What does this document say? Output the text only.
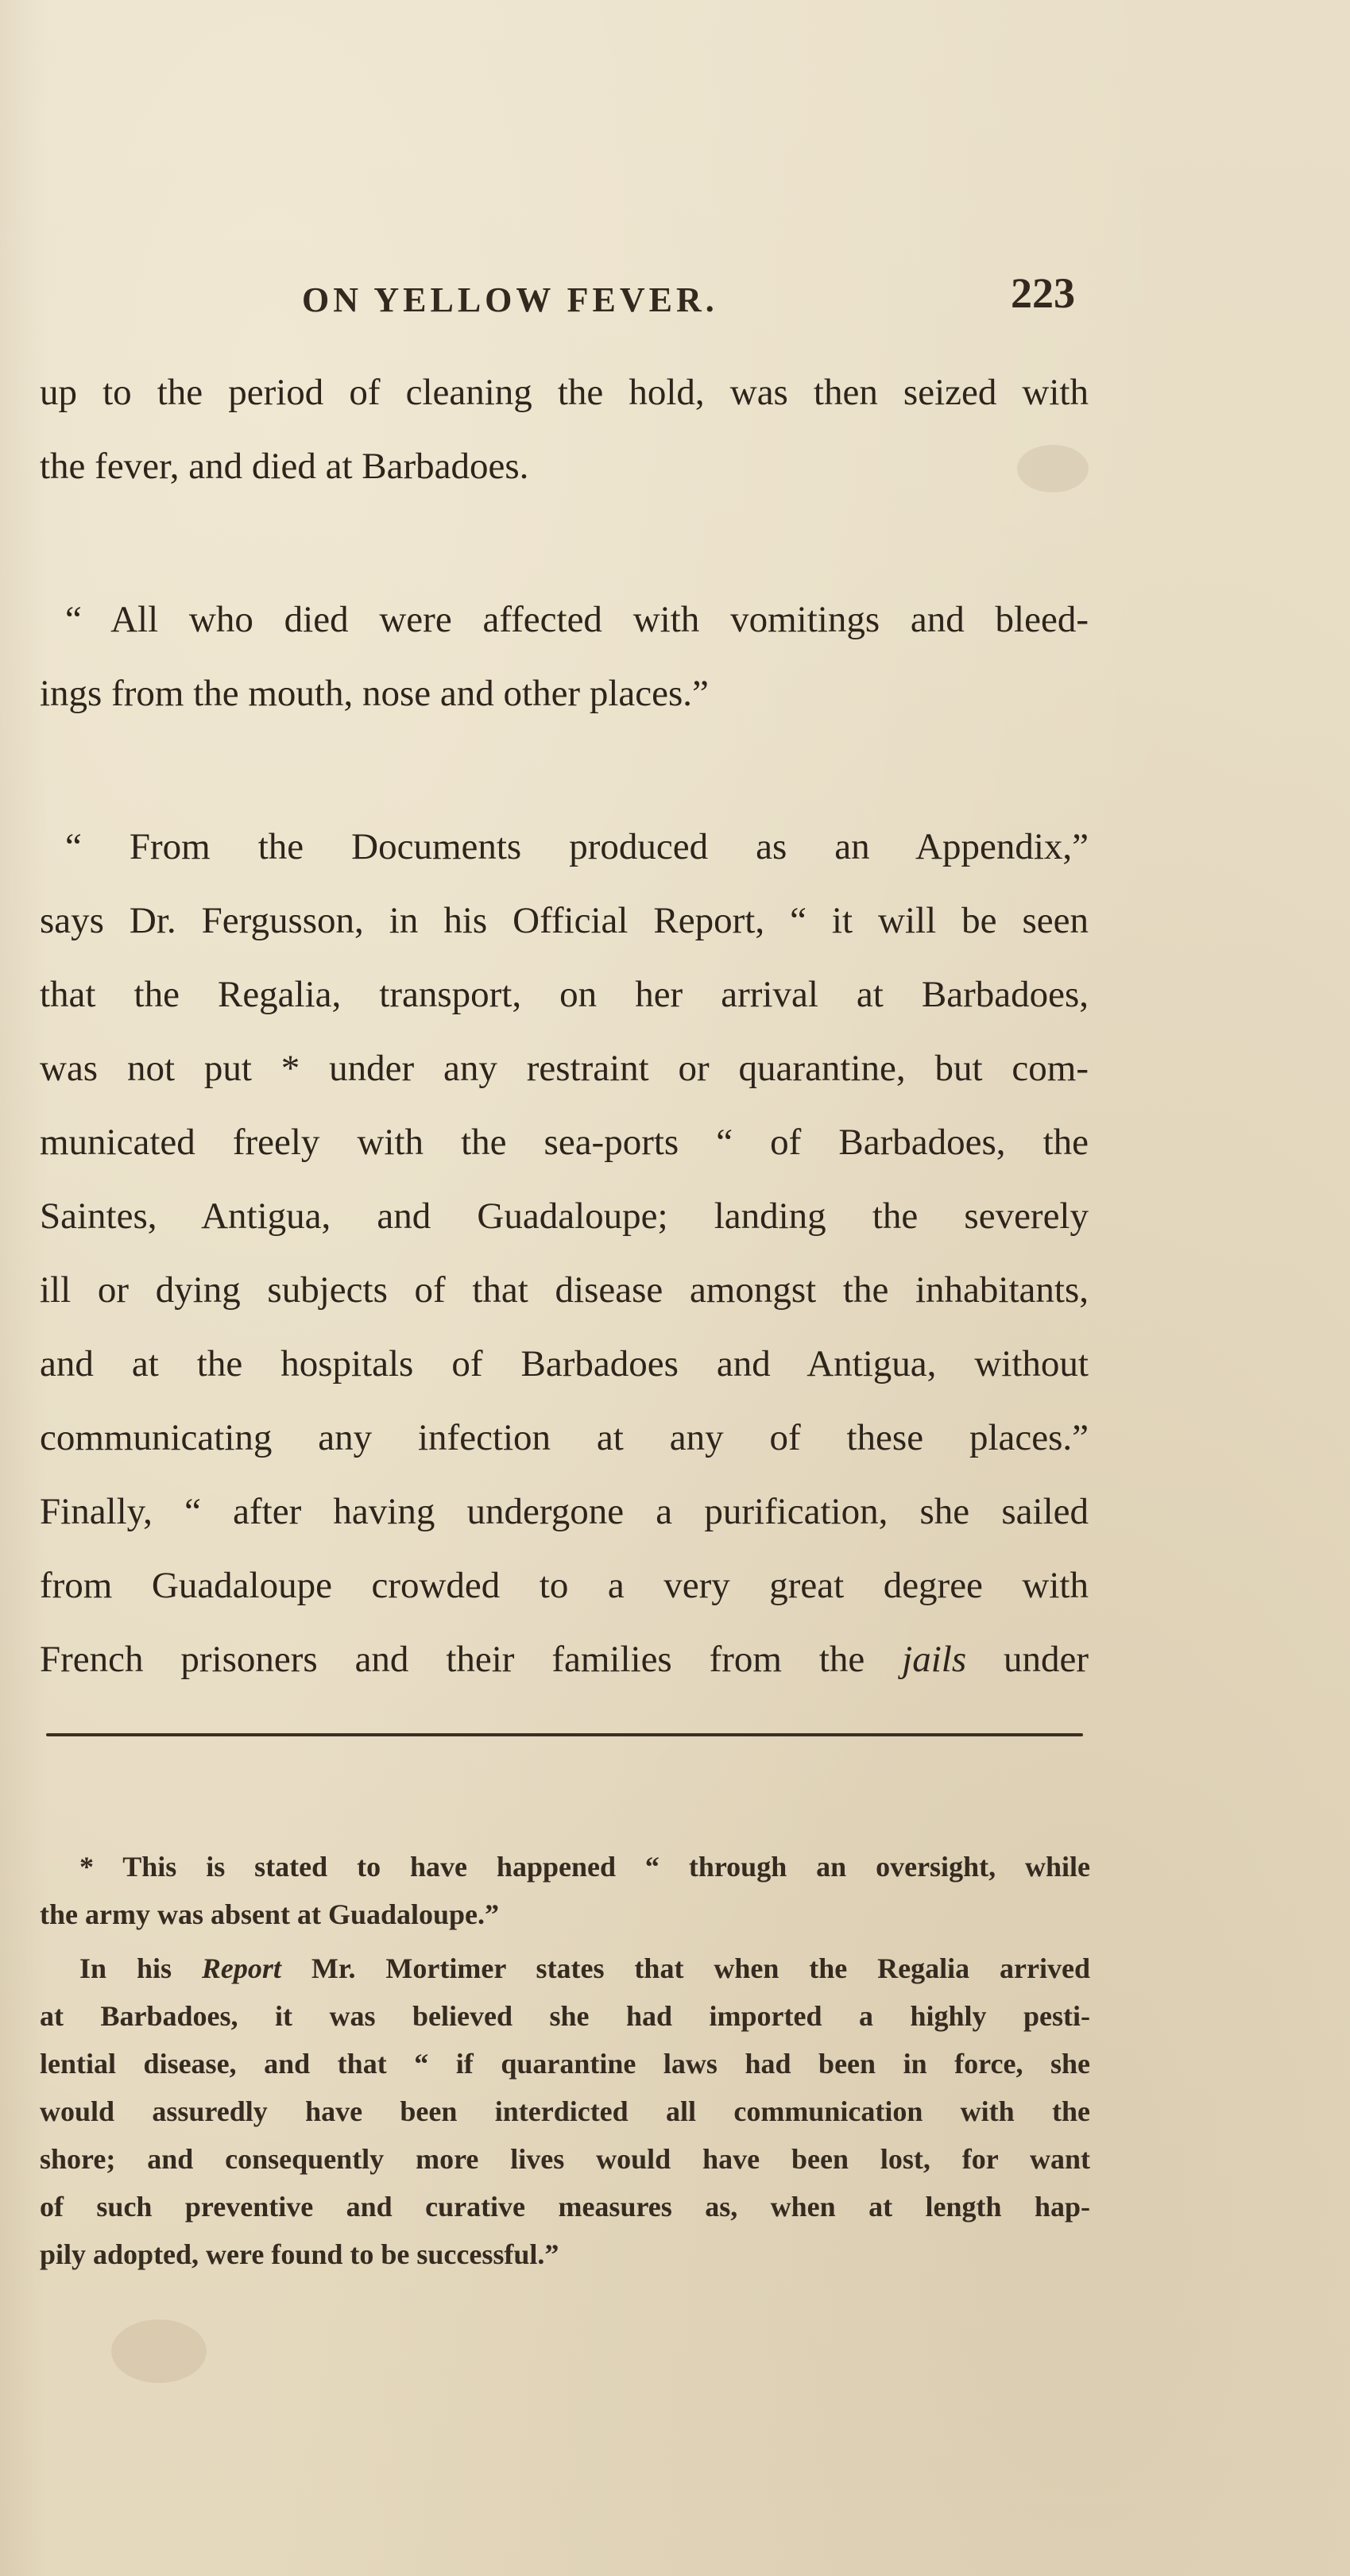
ON YELLOW FEVER.	223

up to the period of cleaning the hold, was then seized with
the fever, and died at Barbadoes.

“ All who died were affected with vomitings and bleed-
ings from the mouth, nose and other places.”

“ From the Documents produced as an Appendix,”
says Dr. Fergusson, in his Official Report, “ it will be seen
that the Regalia, transport, on her arrival at Barbadoes,
was not put * under any restraint or quarantine, but com-
municated freely with the sea-ports “ of Barbadoes, the
Saintes, Antigua, and Guadaloupe; landing the severely
ill or dying subjects of that disease amongst the inhabitants,
and at the hospitals of Barbadoes and Antigua, without
communicating any infection at any of these places.”
Finally, “ after having undergone a purification, she sailed
from Guadaloupe crowded to a very great degree with
French prisoners and their families from the jails under

* This is stated to have happened “ through an oversight, while
the army was absent at Guadaloupe.”

In his Report Mr. Mortimer states that when the Regalia arrived
at Barbadoes, it was believed she had imported a highly pesti-
lential disease, and that “ if quarantine laws had been in force, she
would assuredly have been interdicted all communication with the
shore; and consequently more lives would have been lost, for want
of such preventive and curative measures as, when at length hap-
pily adopted, were found to be successful.”
